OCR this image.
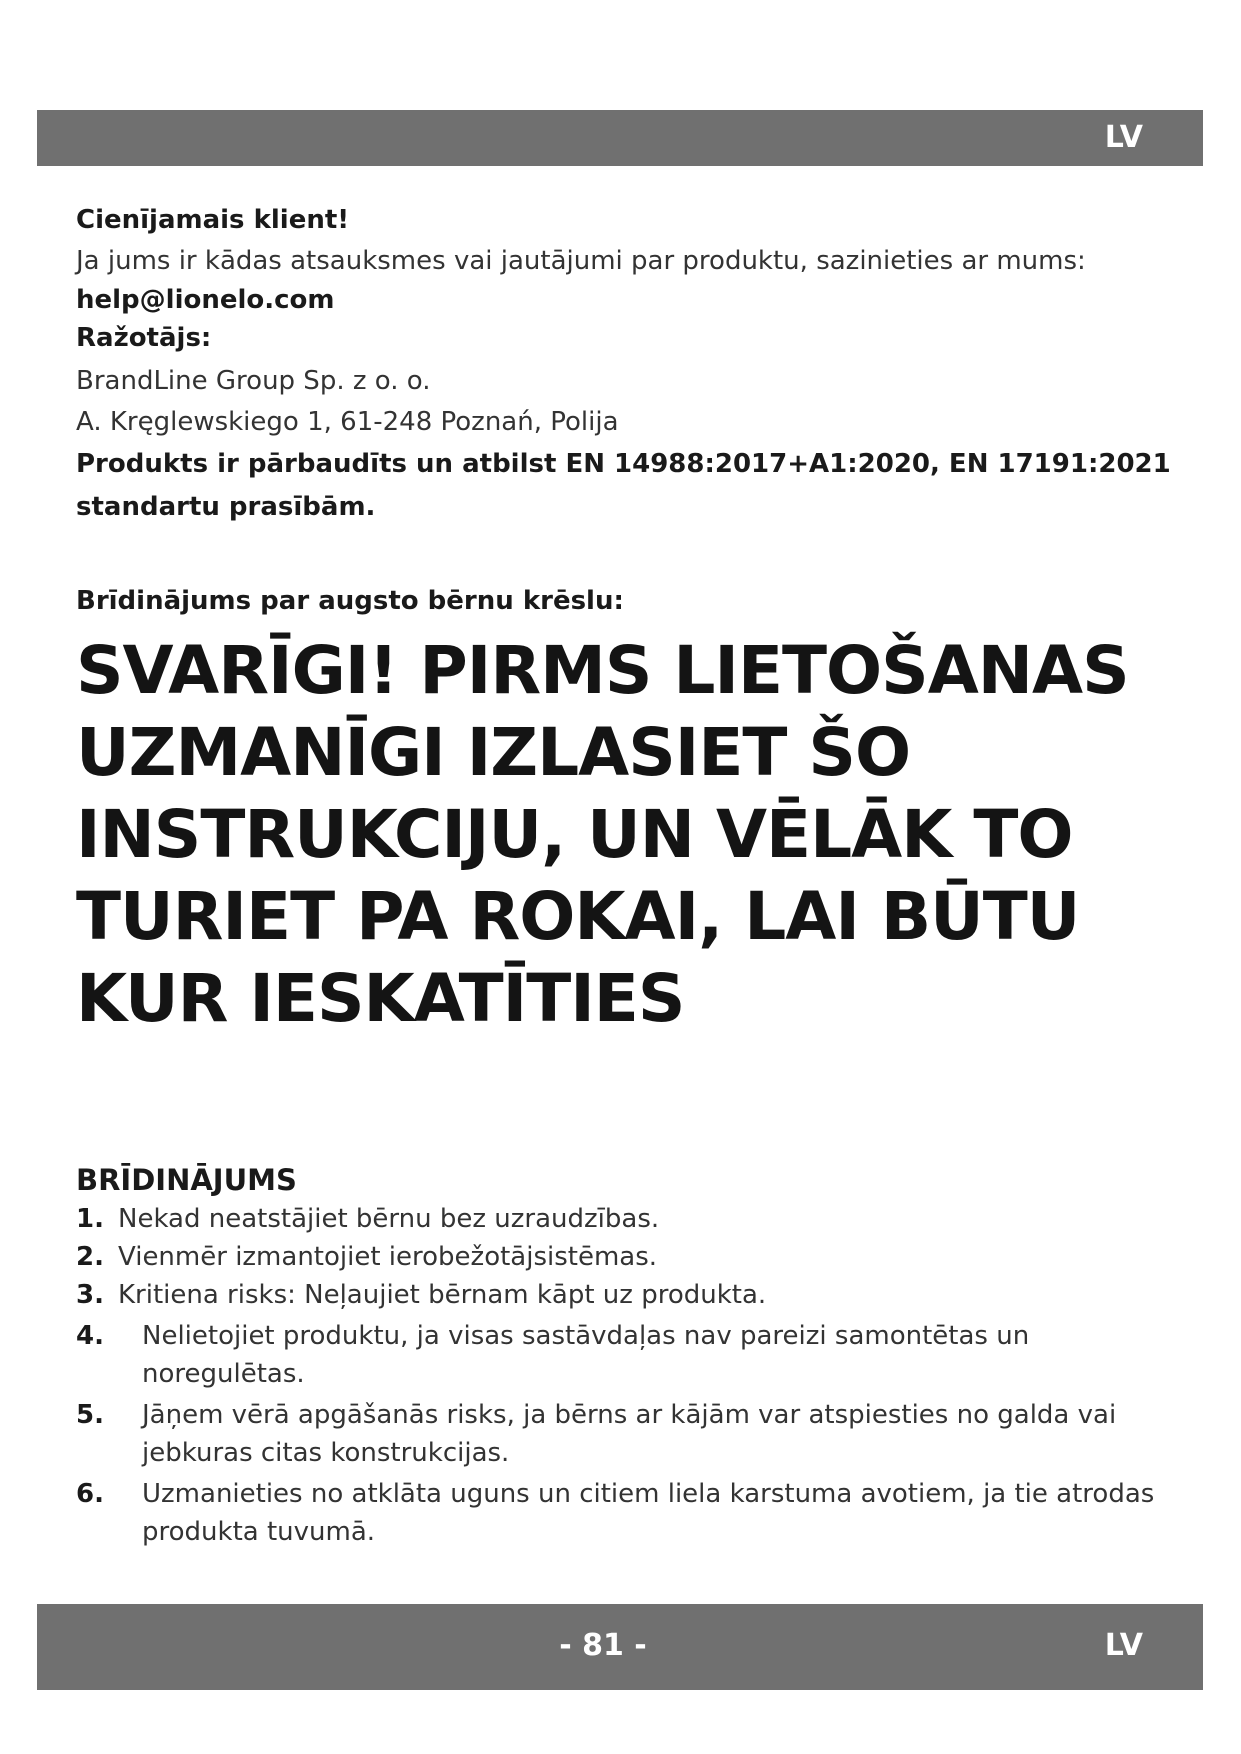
LV

Cienījamais klient!

Ja jums ir kādas atsauksmes vai jautājumi par produktu, sazinieties ar mums:

help@lionelo.com

Ražotājs:

BrandLine Group Sp. z o. o.

A. Kręglewskiego 1, 61-248 Poznań, Polija

Produkts ir pārbaudīts un atbilst EN 14988:2017+A1:2020, EN 17191:2021 standartu prasībām.

Brīdinājums par augsto bērnu krēslu:
SVARĪGI! PIRMS LIETOŠANAS UZMANĪGI IZLASIET ŠO INSTRUKCIJU, UN VĒLĀK TO TURIET PA ROKAI, LAI BŪTU KUR IESKATĪTIES
BRĪDINĀJUMS
1. Nekad neatstājiet bērnu bez uzraudzības.
2. Vienmēr izmantojiet ierobežotājsistēmas.
3. Kritiena risks: Neļaujiet bērnam kāpt uz produkta.
4.	Nelietojiet produktu, ja visas sastāvdaļas nav pareizi samontētas un noregulētas.
5.	Jāņem vērā apgāšanās risks, ja bērns ar kājām var atspiesties no galda vai jebkuras citas konstrukcijas.
6.	Uzmanieties no atklāta uguns un citiem liela karstuma avotiem, ja tie atrodas produkta tuvumā.
- 81 -	LV
